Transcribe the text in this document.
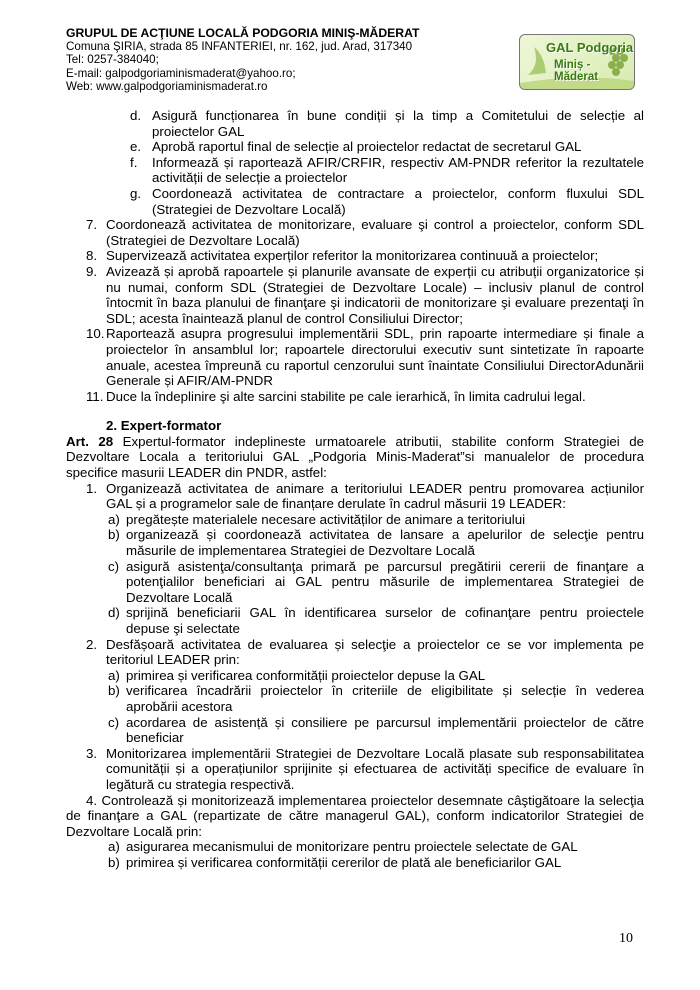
GRUPUL DE ACŢIUNE LOCALĂ PODGORIA MINIŞ-MĂDERAT
Comuna ŞIRIA, strada 85 INFANTERIEI, nr. 162, jud. Arad, 317340
Tel: 0257-384040;
E-mail: galpodgoriaminismaderat@yahoo.ro;
Web: www.galpodgoriaminismaderat.ro
GAL Podgoria
Miniș - Măderat
d. Asigură funcționarea în bune condiții și la timp a Comitetului de selecție al proiectelor GAL
e. Aprobă raportul final de selecție al proiectelor redactat de secretarul GAL
f. Informează și raportează AFIR/CRFIR, respectiv AM-PNDR referitor la rezultatele activității de selecție a proiectelor
g. Coordonează activitatea de contractare a proiectelor, conform fluxului SDL (Strategiei de Dezvoltare Locală)
7. Coordonează activitatea de monitorizare, evaluare şi control a proiectelor, conform SDL (Strategiei de Dezvoltare Locală)
8. Supervizează activitatea experților referitor la monitorizarea continuuă a proiectelor;
9. Avizează și aprobă rapoartele și planurile avansate de experții cu atribuții organizatorice și nu numai, conform SDL (Strategiei de Dezvoltare Locale) – inclusiv planul de control întocmit în baza planului de finanţare şi indicatorii de monitorizare şi evaluare prezentaţi în SDL; acesta înaintează planul de control Consiliului Director;
10. Raportează asupra progresului implementării SDL, prin rapoarte intermediare și finale a proiectelor în ansamblul lor; rapoartele directorului executiv sunt sintetizate în rapoarte anuale, acestea împreună cu raportul cenzorului sunt înaintate Consiliului DirectorAdunării Generale și AFIR/AM-PNDR
11. Duce la îndeplinire şi alte sarcini stabilite pe cale ierarhică, în limita cadrului legal.
2. Expert-formator
Art. 28 Expertul-formator indeplineste urmatoarele atributii, stabilite conform Strategiei de Dezvoltare Locala a teritoriului GAL „Podgoria Minis-Maderat”si manualelor de procedura specifice masurii LEADER din PNDR, astfel:
1. Organizează activitatea de animare a teritoriului LEADER pentru promovarea acțiunilor GAL și a programelor sale de finanțare derulate în cadrul măsurii 19 LEADER:
a) pregătește materialele necesare activităților de animare a teritoriului
b) organizează și coordonează activitatea de lansare a apelurilor de selecţie pentru măsurile de implementarea Strategiei de Dezvoltare Locală
c) asigură asistenţa/consultanţa primară pe parcursul pregătirii cererii de finanţare a potenţialilor beneficiari ai GAL pentru măsurile de implementarea Strategiei de Dezvoltare Locală
d) sprijină beneficiarii GAL în identificarea surselor de cofinanţare pentru proiectele depuse şi selectate
2. Desfășoară activitatea de evaluarea și selecţie a proiectelor ce se vor implementa pe teritoriul LEADER prin:
a) primirea și verificarea conformității proiectelor depuse la GAL
b) verificarea încadrării proiectelor în criteriile de eligibilitate și selecție în vederea aprobării acestora
c) acordarea de asistență și consiliere pe parcursul implementării proiectelor de către beneficiar
3. Monitorizarea implementării Strategiei de Dezvoltare Locală plasate sub responsabilitatea comunității și a operațiunilor sprijinite și efectuarea de activități specifice de evaluare în legătură cu strategia respectivă.
4. Controlează și monitorizează implementarea proiectelor desemnate câştigătoare la selecţia de finanţare a GAL (repartizate de către managerul GAL), conform indicatorilor Strategiei de Dezvoltare Locală prin:
a) asigurarea mecanismului de monitorizare pentru proiectele selectate de GAL
b) primirea și verificarea conformității cererilor de plată ale beneficiarilor GAL
10
